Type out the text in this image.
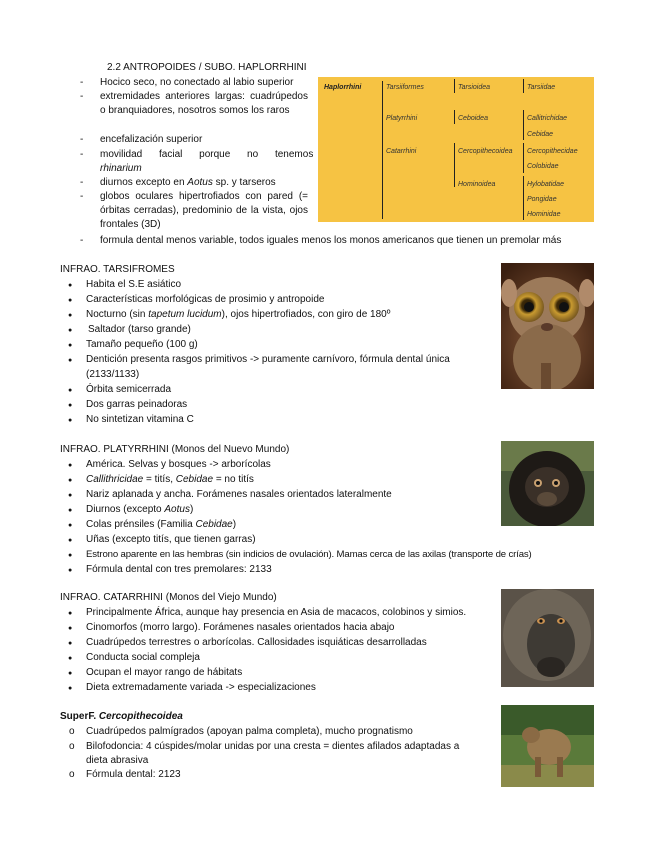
2.2 ANTROPOIDES / SUBO. HAPLORRHINI
- Hocico seco, no conectado al labio superior
- extremidades anteriores largas: cuadrúpedos o branquiadores, nosotros somos los raros
- encefalización superior
- movilidad facial porque no tenemos
rhinarium
- diurnos excepto en Aotus sp. y tarseros
- globos oculares hipertrofiados con pared (= órbitas cerradas), predominio de la vista, ojos frontales (3D)
- formula dental menos variable, todos iguales menos los monos americanos que tienen un premolar más
Haplorrhini	Tarsiiformes
Platyrrhini
Catarrhini
Tarsioidea
Ceboidea
Cercopithecoidea
Hominoidea
Tarsiidae
Callitrichidae
Cebidae
Cercopithecidae
Colobidae
Hylobatidae
Pongidae
Hominidae
INFRAO. TARSIFROMES
●
Habita el S.E asiático
●
Características morfológicas de prosimio y antropoide
●
Nocturno (sin tapetum lucidum), ojos hipertrofiados, con giro de 180º
●
Saltador (tarso grande)
●
Tamaño pequeño (100 g)
●
Dentición presenta rasgos primitivos -> puramente carnívoro, fórmula dental única
(2133/1133)
●
Órbita semicerrada
●
Dos garras peinadoras
●
No sintetizan vitamina C
INFRAO. PLATYRRHINI (Monos del Nuevo Mundo)
●
América. Selvas y bosques -> arborícolas
●
Callithricidae = titís, Cebidae = no titís
●
Nariz aplanada y ancha. Forámenes nasales orientados lateralmente
●
Diurnos (excepto Aotus)
●
Colas prénsiles (Familia Cebidae)
●
Uñas (excepto titís, que tienen garras)
●
Estrono aparente en las hembras (sin indicios de ovulación). Mamas cerca de las axilas (transporte de crías)
●
Fórmula dental con tres premolares: 2133
INFRAO. CATARRHINI (Monos del Viejo Mundo)
●
Principalmente África, aunque hay presencia en Asia de macacos, colobinos y simios.
●
Cinomorfos (morro largo). Forámenes nasales orientados hacia abajo
●
Cuadrúpedos terrestres o arborícolas. Callosidades isquiáticas desarrolladas
●
Conducta social compleja
●
Ocupan el mayor rango de hábitats
●
Dieta extremadamente variada -> especializaciones
SuperF. Cercopithecoidea
o Cuadrúpedos palmígrados (apoyan palma completa), mucho prognatismo
o Bilofodoncia: 4 cúspides/molar unidas por una cresta = dientes afilados adaptadas a
dieta abrasiva
o Fórmula dental: 2123
